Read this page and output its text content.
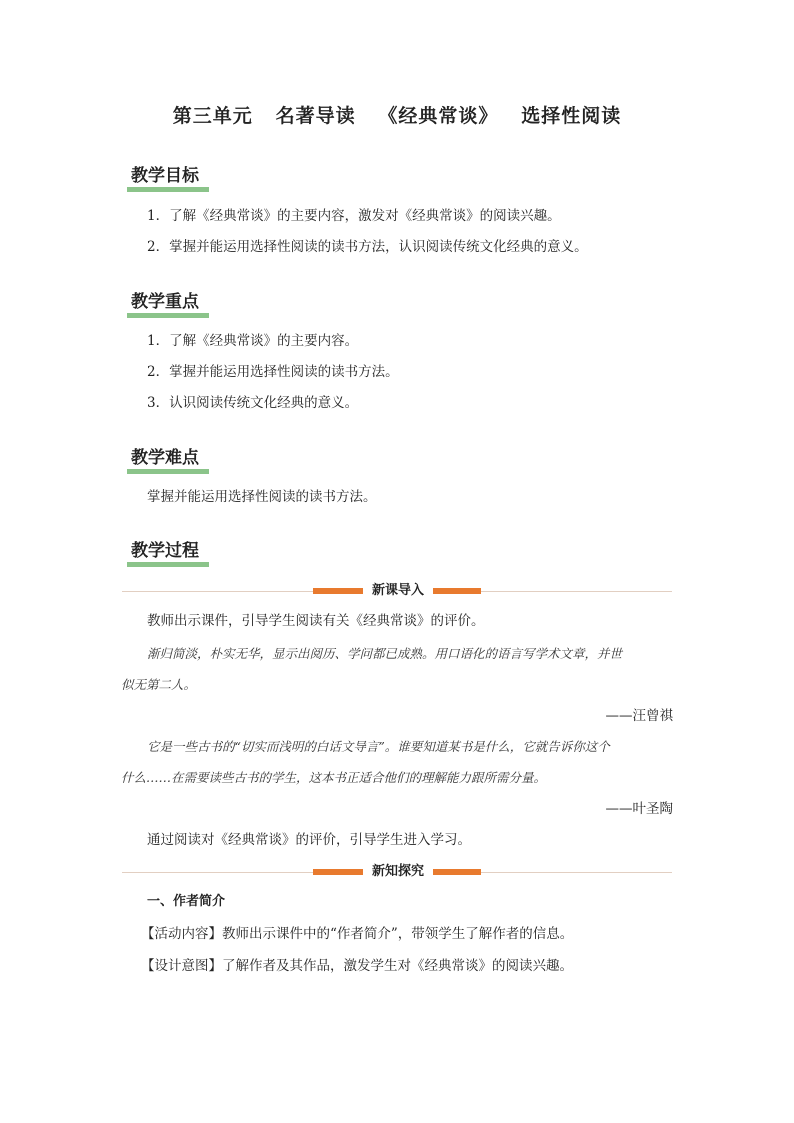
第三单元   名著导读   《经典常谈》   选择性阅读
教学目标
1．了解《经典常谈》的主要内容，激发对《经典常谈》的阅读兴趣。
2．掌握并能运用选择性阅读的读书方法，认识阅读传统文化经典的意义。
教学重点
1．了解《经典常谈》的主要内容。
2．掌握并能运用选择性阅读的读书方法。
3．认识阅读传统文化经典的意义。
教学难点
掌握并能运用选择性阅读的读书方法。
教学过程
新课导入
教师出示课件，引导学生阅读有关《经典常谈》的评价。
渐归简淡，朴实无华，显示出阅历、学问都已成熟。用口语化的语言写学术文章，并世
似无第二人。
——汪曾祺
它是一些古书的“切实而浅明的白话文导言”。谁要知道某书是什么，它就告诉你这个
什么……在需要读些古书的学生，这本书正适合他们的理解能力跟所需分量。
——叶圣陶
通过阅读对《经典常谈》的评价，引导学生进入学习。
新知探究
一、作者简介
【活动内容】教师出示课件中的“作者简介”，带领学生了解作者的信息。
【设计意图】了解作者及其作品，激发学生对《经典常谈》的阅读兴趣。
